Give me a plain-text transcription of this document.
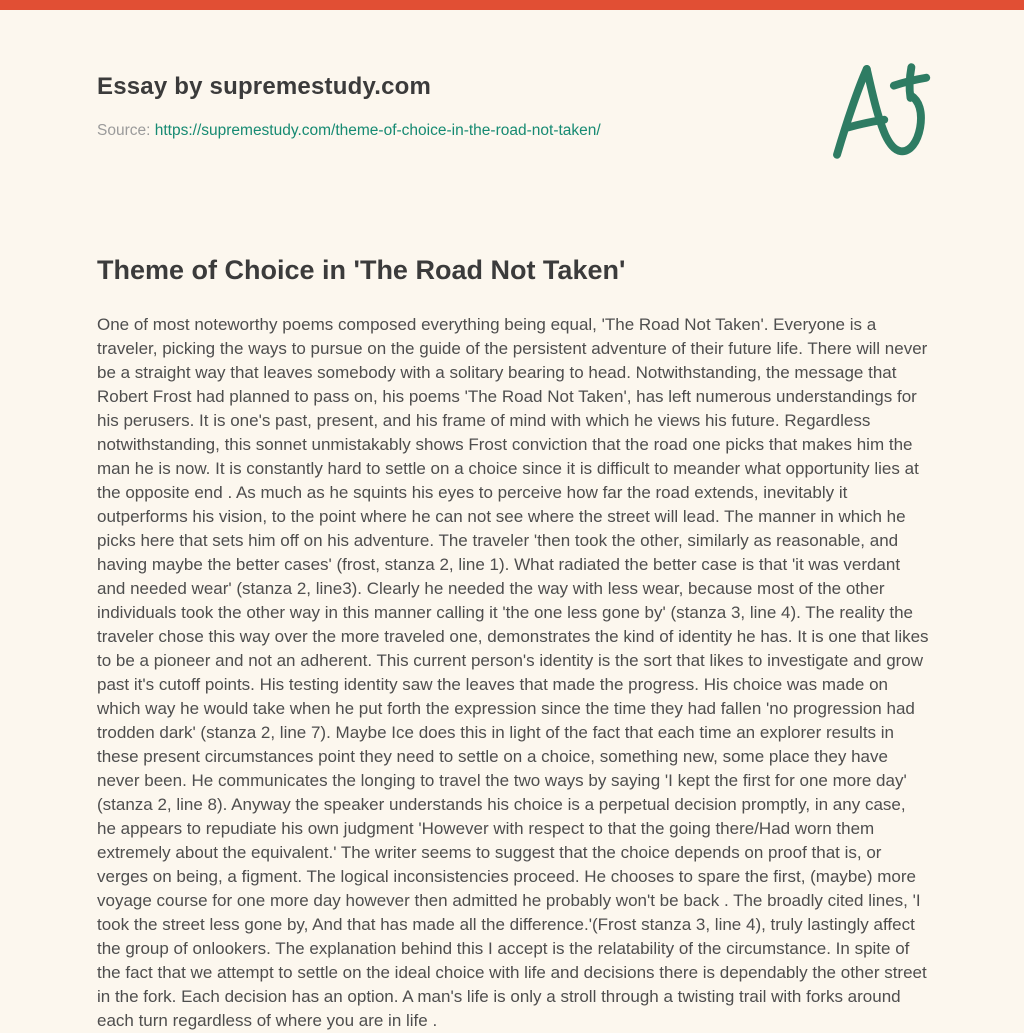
Essay by supremestudy.com
Source: https://supremestudy.com/theme-of-choice-in-the-road-not-taken/
Theme of Choice in 'The Road Not Taken'

One of most noteworthy poems composed everything being equal, 'The Road Not Taken'. Everyone is a traveler, picking the ways to pursue on the guide of the persistent adventure of their future life. There will never be a straight way that leaves somebody with a solitary bearing to head. Notwithstanding, the message that Robert Frost had planned to pass on, his poems 'The Road Not Taken', has left numerous understandings for his perusers. It is one's past, present, and his frame of mind with which he views his future. Regardless notwithstanding, this sonnet unmistakably shows Frost conviction that the road one picks that makes him the man he is now. It is constantly hard to settle on a choice since it is difficult to meander what opportunity lies at the opposite end . As much as he squints his eyes to perceive how far the road extends, inevitably it outperforms his vision, to the point where he can not see where the street will lead. The manner in which he picks here that sets him off on his adventure. The traveler 'then took the other, similarly as reasonable, and having maybe the better cases' (frost, stanza 2, line 1). What radiated the better case is that 'it was verdant and needed wear' (stanza 2, line3). Clearly he needed the way with less wear, because most of the other individuals took the other way in this manner calling it 'the one less gone by' (stanza 3, line 4). The reality the traveler chose this way over the more traveled one, demonstrates the kind of identity he has. It is one that likes to be a pioneer and not an adherent. This current person's identity is the sort that likes to investigate and grow past it's cutoff points. His testing identity saw the leaves that made the progress. His choice was made on which way he would take when he put forth the expression since the time they had fallen 'no progression had trodden dark' (stanza 2, line 7). Maybe Ice does this in light of the fact that each time an explorer results in these present circumstances point they need to settle on a choice, something new, some place they have never been. He communicates the longing to travel the two ways by saying 'I kept the first for one more day' (stanza 2, line 8). Anyway the speaker understands his choice is a perpetual decision promptly, in any case, he appears to repudiate his own judgment 'However with respect to that the going there/Had worn them extremely about the equivalent.' The writer seems to suggest that the choice depends on proof that is, or verges on being, a figment. The logical inconsistencies proceed. He chooses to spare the first, (maybe) more voyage course for one more day however then admitted he probably won't be back . The broadly cited lines, 'I took the street less gone by, And that has made all the difference.'(Frost stanza 3, line 4), truly lastingly affect the group of onlookers. The explanation behind this I accept is the relatability of the circumstance. In spite of the fact that we attempt to settle on the ideal choice with life and decisions there is dependably the other street in the fork. Each decision has an option. A man's life is only a stroll through a twisting trail with forks around each turn regardless of where you are in life .
